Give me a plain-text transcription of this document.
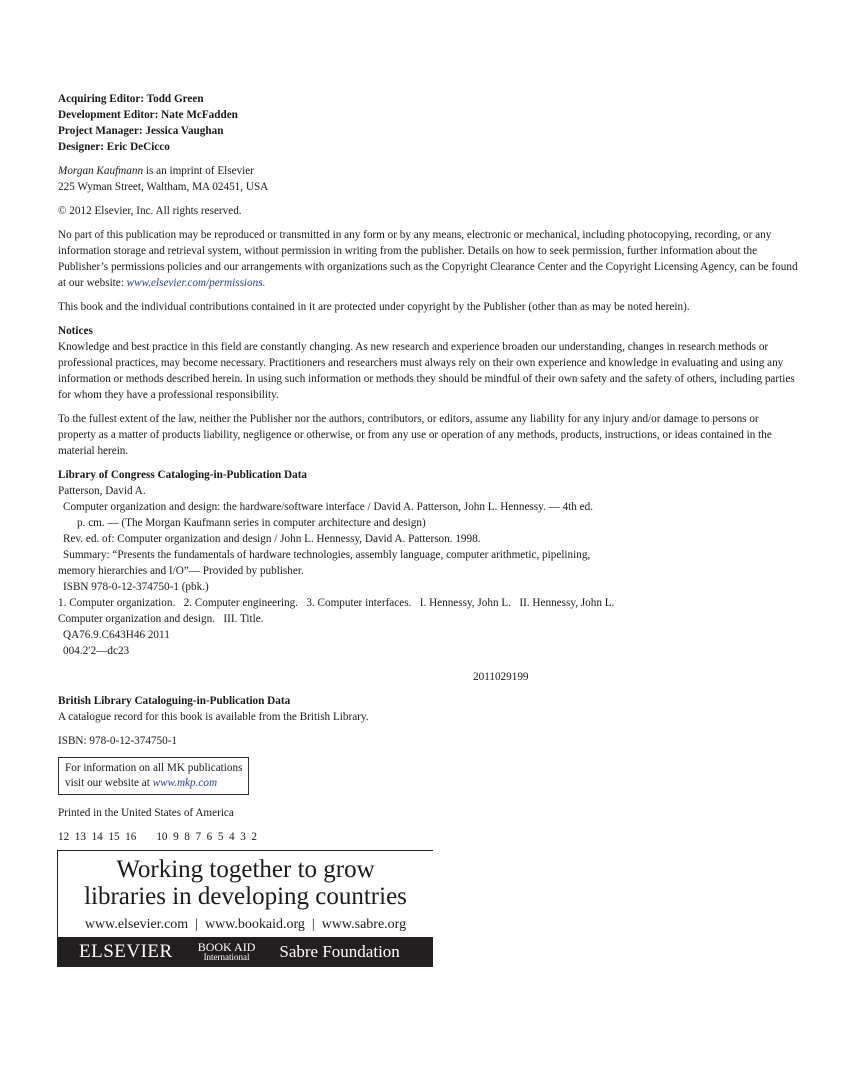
Acquiring Editor: Todd Green

Development Editor: Nate McFadden

Project Manager: Jessica Vaughan

Designer: Eric DeCicco

Morgan Kaufmann is an imprint of Elsevier

225 Wyman Street, Waltham, MA 02451, USA

© 2012 Elsevier, Inc. All rights reserved.

No part of this publication may be reproduced or transmitted in any form or by any means, electronic or mechanical, including photocopying, recording, or any information storage and retrieval system, without permission in writing from the publisher. Details on how to seek permission, further information about the Publisher’s permissions policies and our arrangements with organizations such as the Copyright Clearance Center and the Copyright Licensing Agency, can be found at our website: www.elsevier.com/permissions.

This book and the individual contributions contained in it are protected under copyright by the Publisher (other than as may be noted herein).

Notices

Knowledge and best practice in this field are constantly changing. As new research and experience broaden our understanding, changes in research methods or professional practices, may become necessary. Practitioners and researchers must always rely on their own experience and knowledge in evaluating and using any information or methods described herein. In using such information or methods they should be mindful of their own safety and the safety of others, including parties for whom they have a professional responsibility.

To the fullest extent of the law, neither the Publisher nor the authors, contributors, or editors, assume any liability for any injury and/or damage to persons or property as a matter of products liability, negligence or otherwise, or from any use or operation of any methods, products, instructions, or ideas contained in the material herein.

Library of Congress Cataloging-in-Publication Data

Patterson, David A.

Computer organization and design: the hardware/software interface / David A. Patterson, John L. Hennessy. — 4th ed.

p. cm. — (The Morgan Kaufmann series in computer architecture and design)

Rev. ed. of: Computer organization and design / John L. Hennessy, David A. Patterson. 1998.

Summary: “Presents the fundamentals of hardware technologies, assembly language, computer arithmetic, pipelining,

memory hierarchies and I/O”— Provided by publisher.

ISBN 978-0-12-374750-1 (pbk.)

1. Computer organization.   2. Computer engineering.   3. Computer interfaces.   I. Hennessy, John L.   II. Hennessy, John L.

Computer organization and design.   III. Title.

QA76.9.C643H46 2011

004.2′2—dc23

2011029199

British Library Cataloguing-in-Publication Data

A catalogue record for this book is available from the British Library.

ISBN: 978-0-12-374750-1

For information on all MK publications

visit our website at www.mkp.com

Printed in the United States of America

12  13  14  15  16 10  9  8  7  6  5  4  3  2

Working together to grow
libraries in developing countries
www.elsevier.com  |  www.bookaid.org  |  www.sabre.org
ELSEVIER BOOK AID
International	Sabre Foundation
